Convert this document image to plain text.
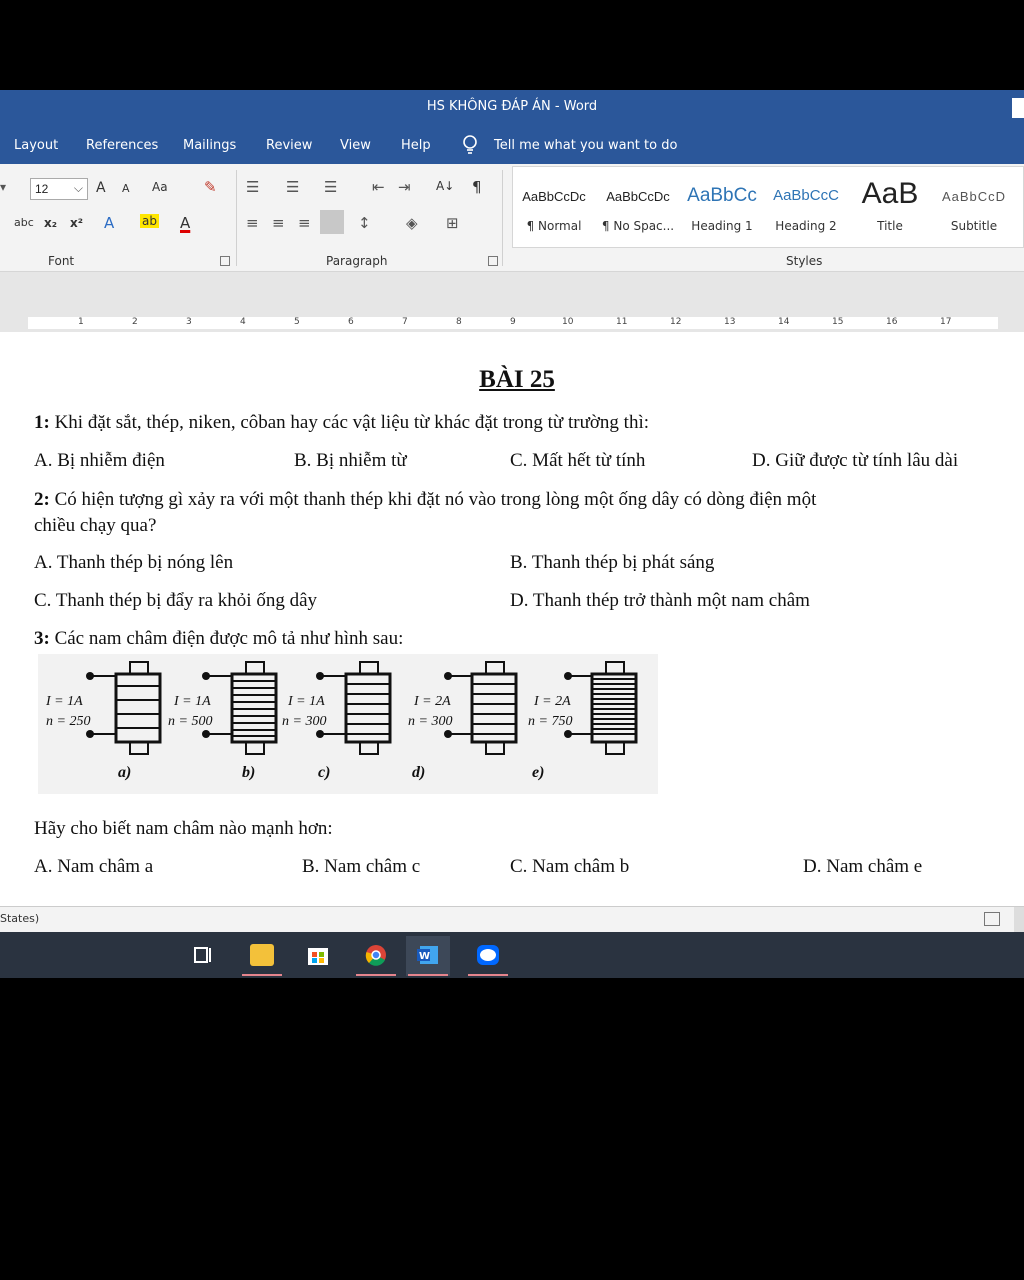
HS KHÔNG ĐÁP ÁN - Word
Layout References Mailings Review View Help	Tell me what you want to do
▾	12 ⌵ A A Aa ✎
abc x₂ x² A ab A
Font
☰ ☰ ☰ ⇤ ⇥ A↓ ¶
≡ ≡ ≡	↕ ◈ ⊞
Paragraph
AaBbCcDc
¶ Normal
AaBbCcDc
¶ No Spac...
AaBbCc
Heading 1
AaBbCcC
Heading 2
AaB
Title
AaBbCcD
Subtitle
Styles
1	2	3	4	5	6	7	8	9	10	11	12	13	14	15	16	17
BÀI 25
1: Khi đặt sắt, thép, niken, côban hay các vật liệu từ khác đặt trong từ trường thì:
A. Bị nhiễm điện	B. Bị nhiễm từ	C. Mất hết từ tính	D. Giữ được từ tính lâu dài
2: Có hiện tượng gì xảy ra với một thanh thép khi đặt nó vào trong lòng một ống dây có dòng điện một
chiều chạy qua?
A. Thanh thép bị nóng lên	B. Thanh thép bị phát sáng
C. Thanh thép bị đẩy ra khỏi ống dây	D. Thanh thép trở thành một nam châm
3: Các nam châm điện được mô tả như hình sau:
I = 1A
n = 250
a)
I = 1A
n = 500
b)
I = 1A
n = 300
c)
I = 2A
n = 300
d)
I = 2A
n = 750
e)
Hãy cho biết nam châm nào mạnh hơn:
A. Nam châm a	B. Nam châm c	C. Nam châm b	D. Nam châm e
States)
W
